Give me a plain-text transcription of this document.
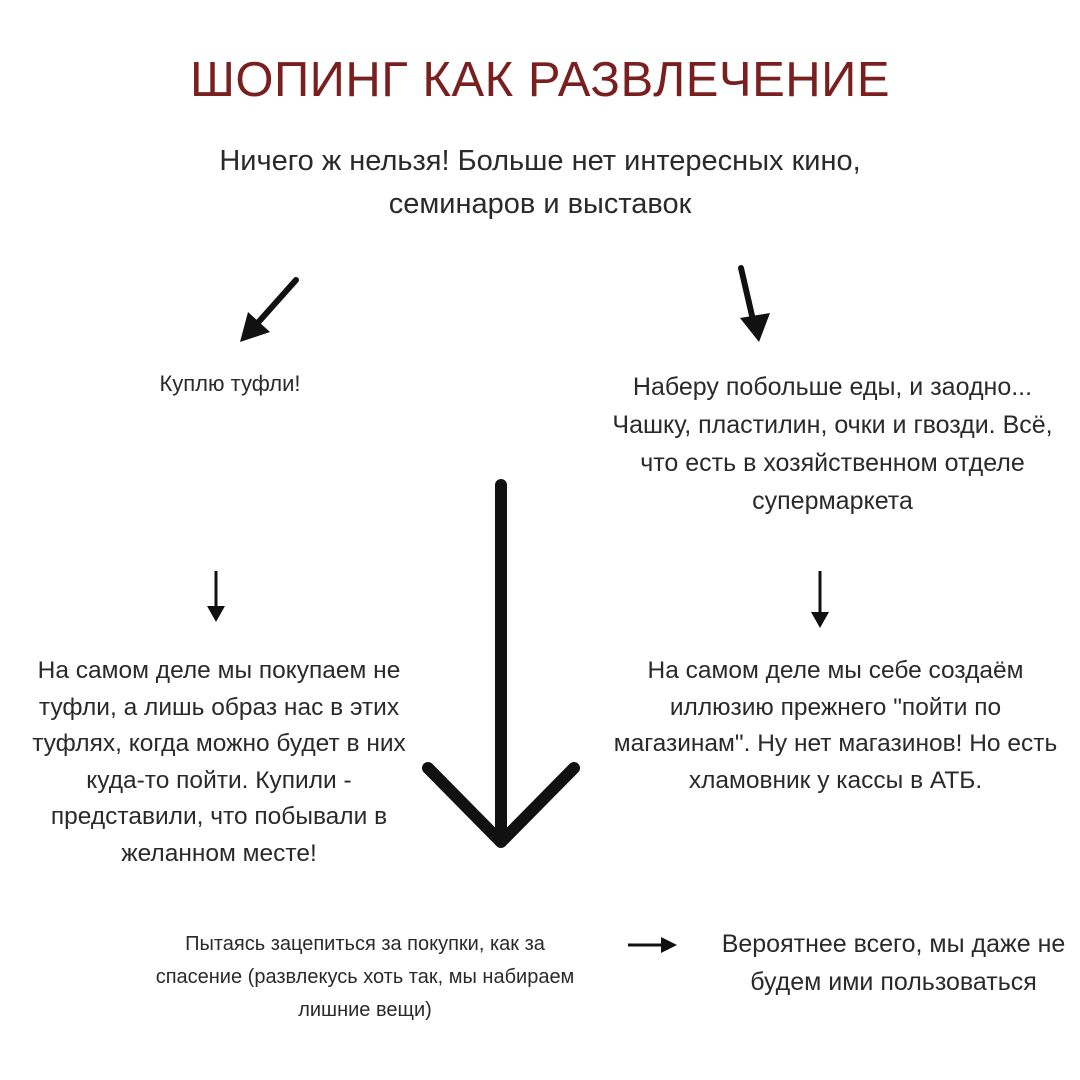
ШОПИНГ КАК РАЗВЛЕЧЕНИЕ

Ничего ж нельзя! Больше нет интересных кино, семинаров и выставок

Куплю туфли!	Наберу побольше еды, и заодно... Чашку, пластилин, очки и гвозди. Всё, что есть в хозяйственном отделе супермаркета

На самом деле мы покупаем не туфли, а лишь образ нас в этих туфлях, когда можно будет в них куда-то пойти. Купили - представили, что побывали в желанном месте!

На самом деле мы себе создаём иллюзию прежнего "пойти по магазинам". Ну нет магазинов! Но есть хламовник у кассы в АТБ.

Пытаясь зацепиться за покупки, как за спасение (развлекусь хоть так, мы набираем лишние вещи)

Вероятнее всего, мы даже не будем ими пользоваться
